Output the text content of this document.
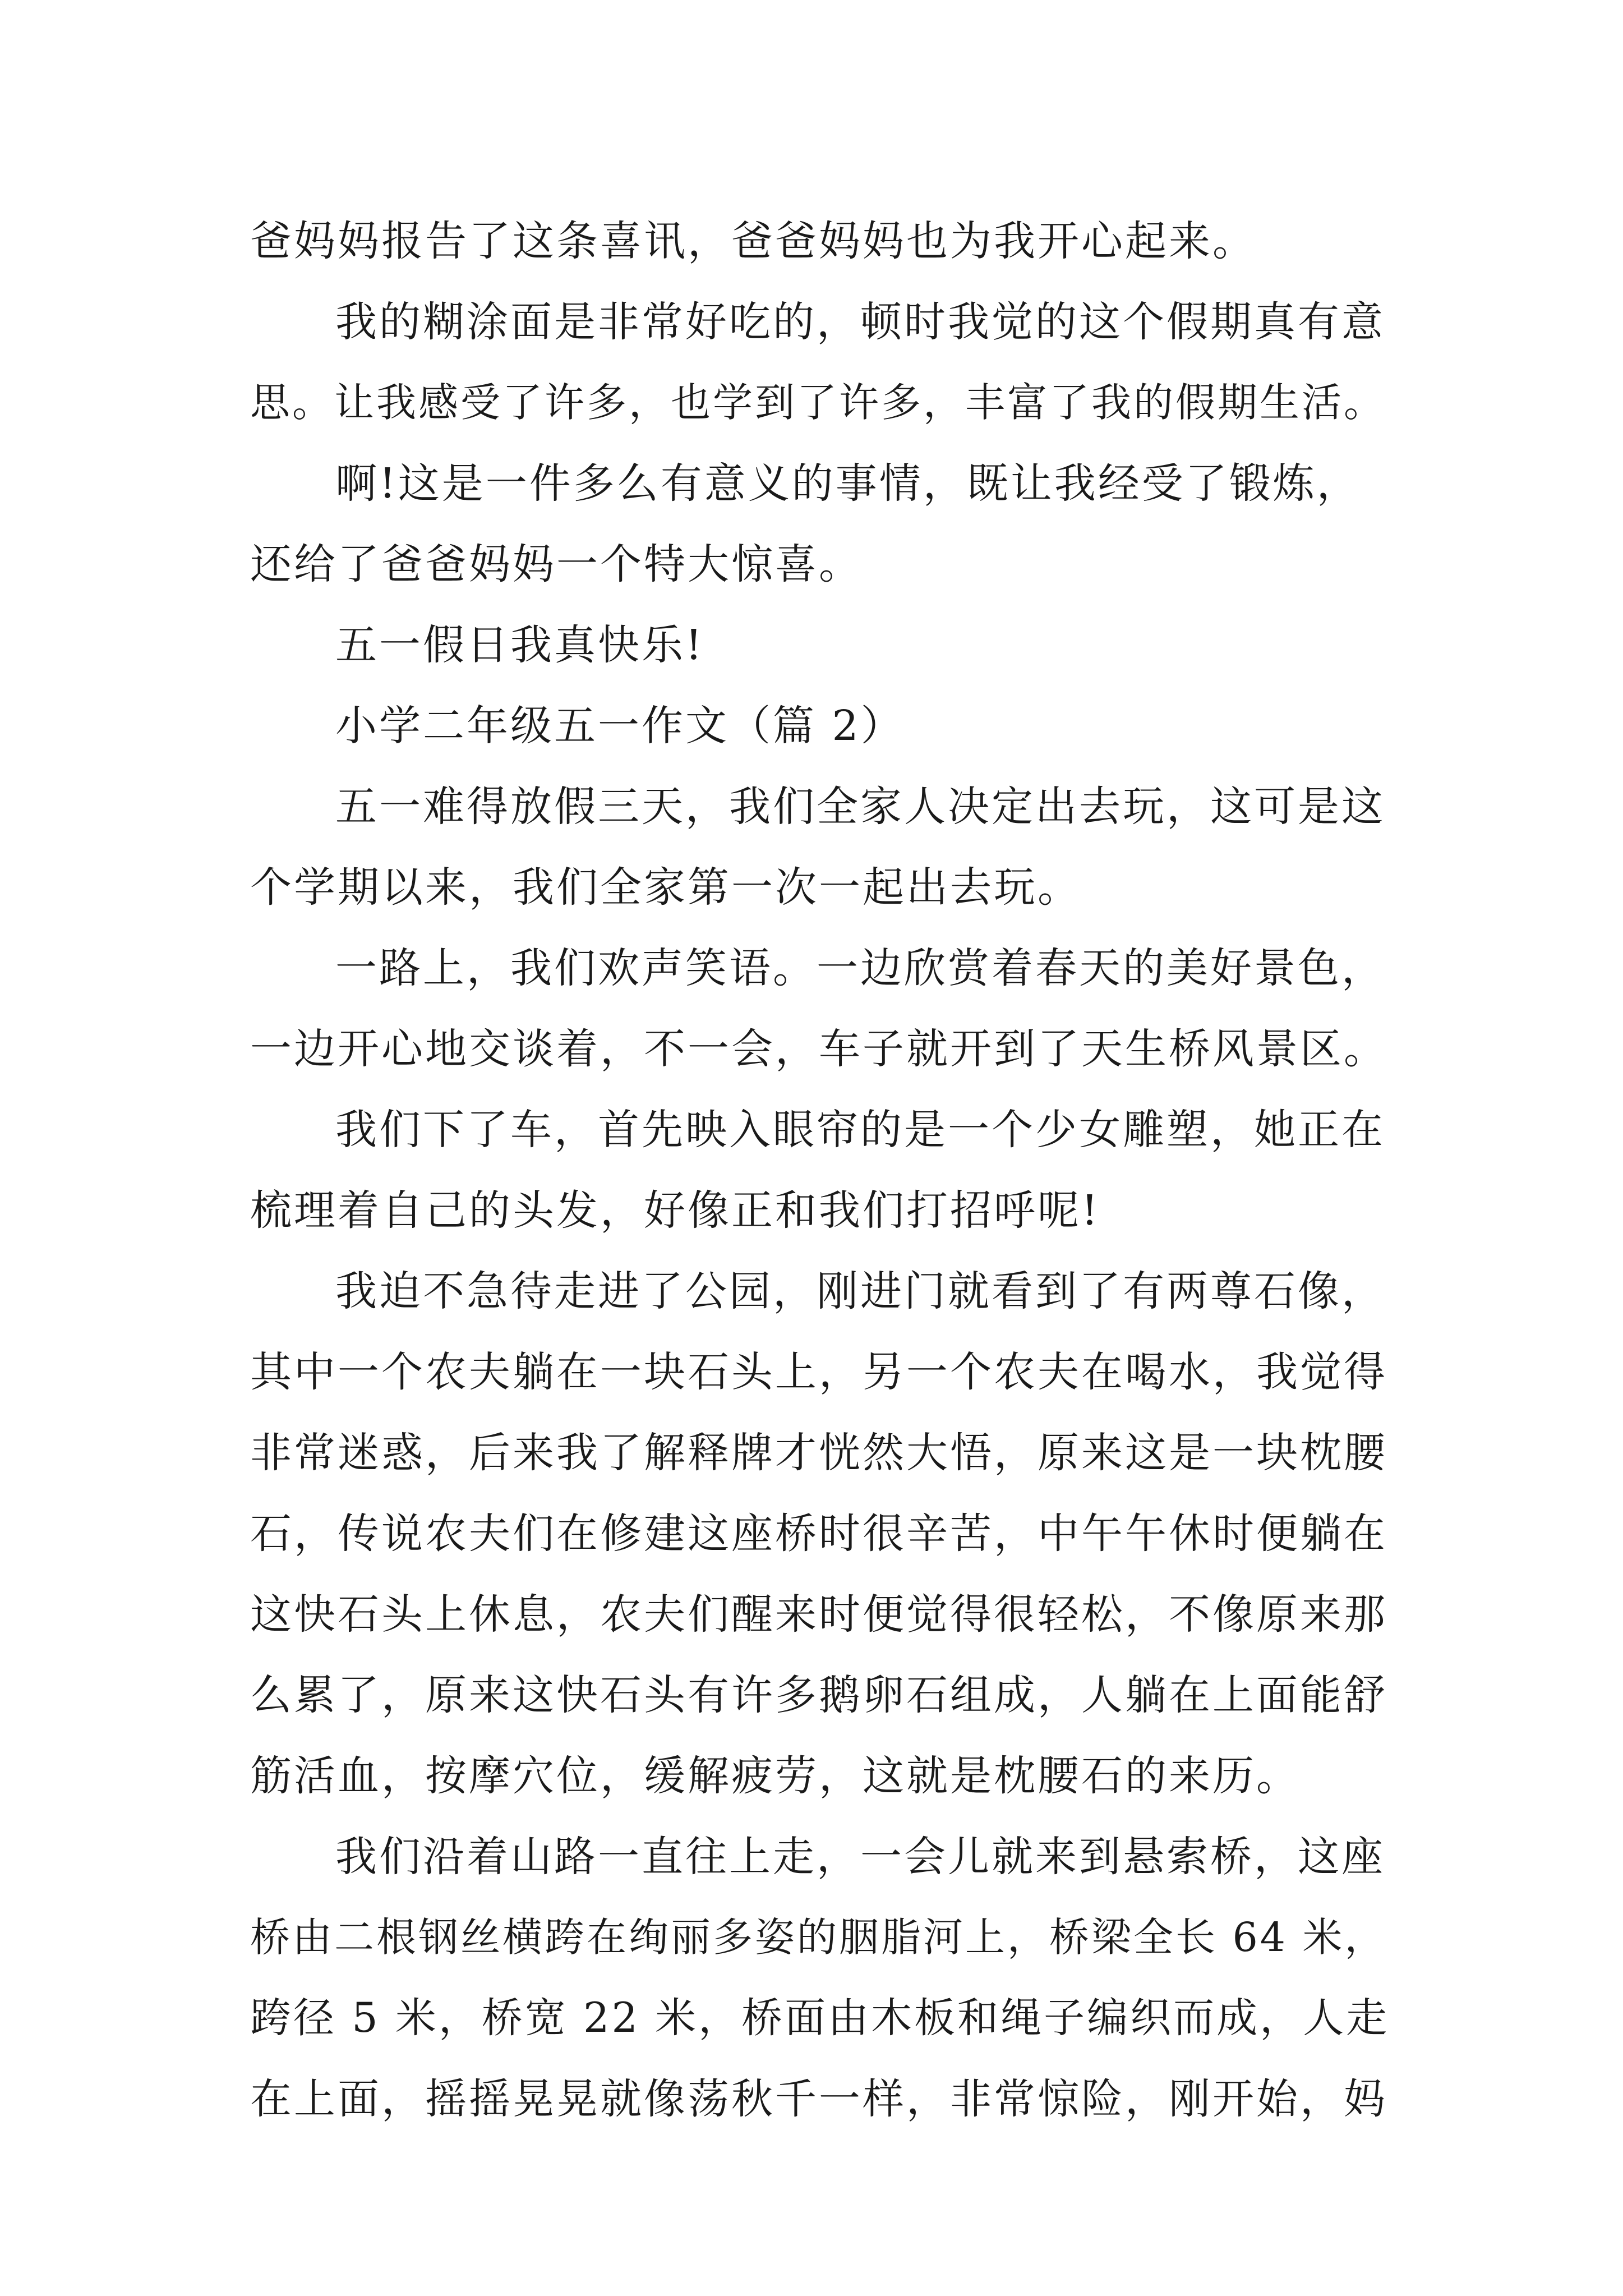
爸妈妈报告了这条喜讯，爸爸妈妈也为我开心起来。
我的糊涂面是非常好吃的，顿时我觉的这个假期真有意
思。让我感受了许多，也学到了许多，丰富了我的假期生活。
啊!这是一件多么有意义的事情，既让我经受了锻炼，
还给了爸爸妈妈一个特大惊喜。
五一假日我真快乐!
小学二年级五一作文（篇 2）
五一难得放假三天，我们全家人决定出去玩，这可是这
个学期以来，我们全家第一次一起出去玩。
一路上，我们欢声笑语。一边欣赏着春天的美好景色，
一边开心地交谈着，不一会，车子就开到了天生桥风景区。
我们下了车，首先映入眼帘的是一个少女雕塑，她正在
梳理着自己的头发，好像正和我们打招呼呢!
我迫不急待走进了公园，刚进门就看到了有两尊石像，
其中一个农夫躺在一块石头上，另一个农夫在喝水，我觉得
非常迷惑，后来我了解释牌才恍然大悟，原来这是一块枕腰
石，传说农夫们在修建这座桥时很辛苦，中午午休时便躺在
这快石头上休息，农夫们醒来时便觉得很轻松，不像原来那
么累了，原来这快石头有许多鹅卵石组成，人躺在上面能舒
筋活血，按摩穴位，缓解疲劳，这就是枕腰石的来历。
我们沿着山路一直往上走，一会儿就来到悬索桥，这座
桥由二根钢丝横跨在绚丽多姿的胭脂河上，桥梁全长 64 米，
跨径 5 米，桥宽 22 米，桥面由木板和绳子编织而成，人走
在上面，摇摇晃晃就像荡秋千一样，非常惊险，刚开始，妈
